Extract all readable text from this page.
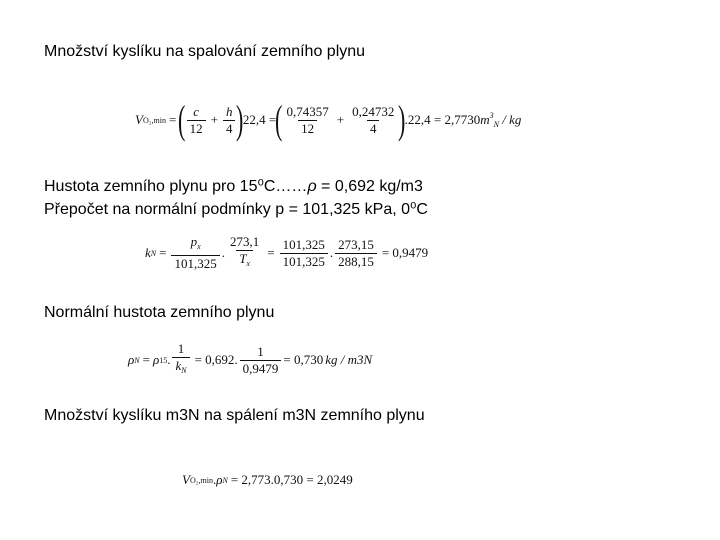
Množství kyslíku na spalování zemního plynu
V O₂,min = ( $\frac{c}{12} + \frac{h}{4}$ )
22,4 =
( $\frac{0,74357}{12} + \frac{0,24732}{4}$ )
.22,4 = 2,7730 $m^3_N$ / kg
Hustota zemního plynu pro 15⁰C……ρ = 0,692 kg/m3
Přepočet na normální podmínky p = 101,325 kPa, 0⁰C
k $N = \frac{p_x}{101,325}$ . $\frac{273,1}{T_x} = \frac{101,325}{101,325}$ . $\frac{273,15}{288,15} = 0,9479$
Normální hustota zemního plynu
ρ N = ρ 15 . $\frac{1}{k_N} = 0,692$. $\frac{1}{0,9479} = 0,730$ kg / m3N
Množství kyslíku m3N na spálení m3N zemního plynu
V O₂,min . ρ N = 2,773.0,730 = 2,0249
